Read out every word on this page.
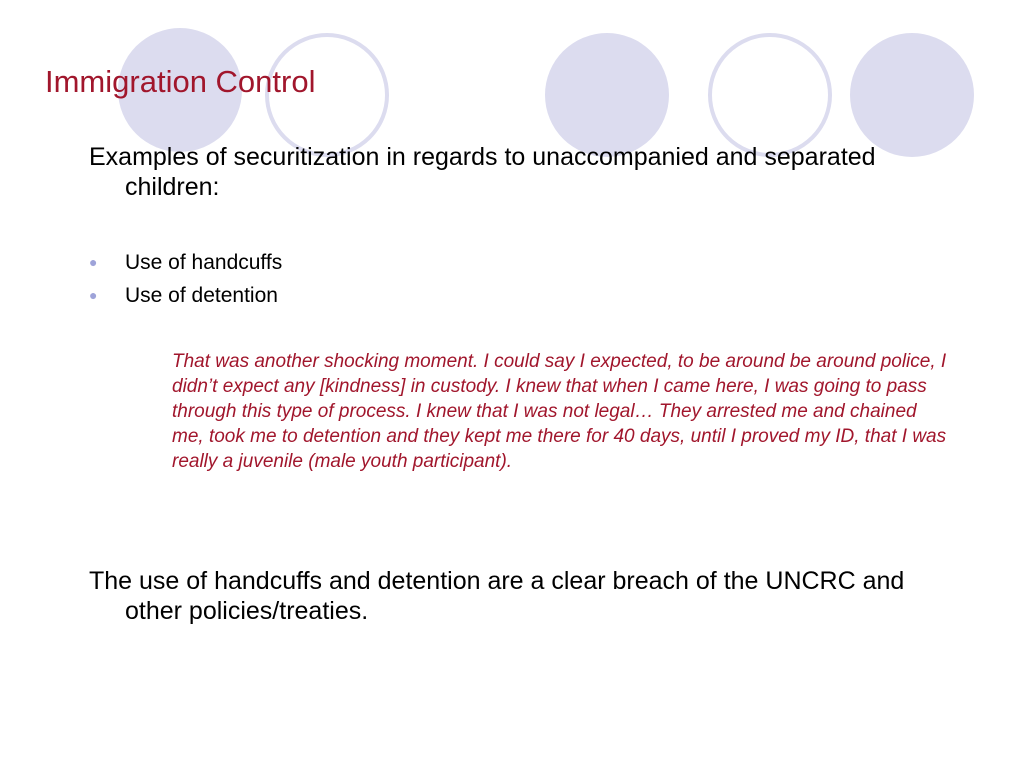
Immigration Control

Examples of securitization in regards to unaccompanied and separated children:

● Use of handcuffs
● Use of detention

That was another shocking moment. I could say I expected, to be around be around police, I didn’t expect any [kindness] in custody. I knew that when I came here, I was going to pass through this type of process. I knew that I was not legal… They arrested me and chained me, took me to detention and they kept me there for 40 days, until I proved my ID, that I was really a juvenile (male youth participant).

The use of handcuffs and detention are a clear breach of the UNCRC and other policies/treaties.
